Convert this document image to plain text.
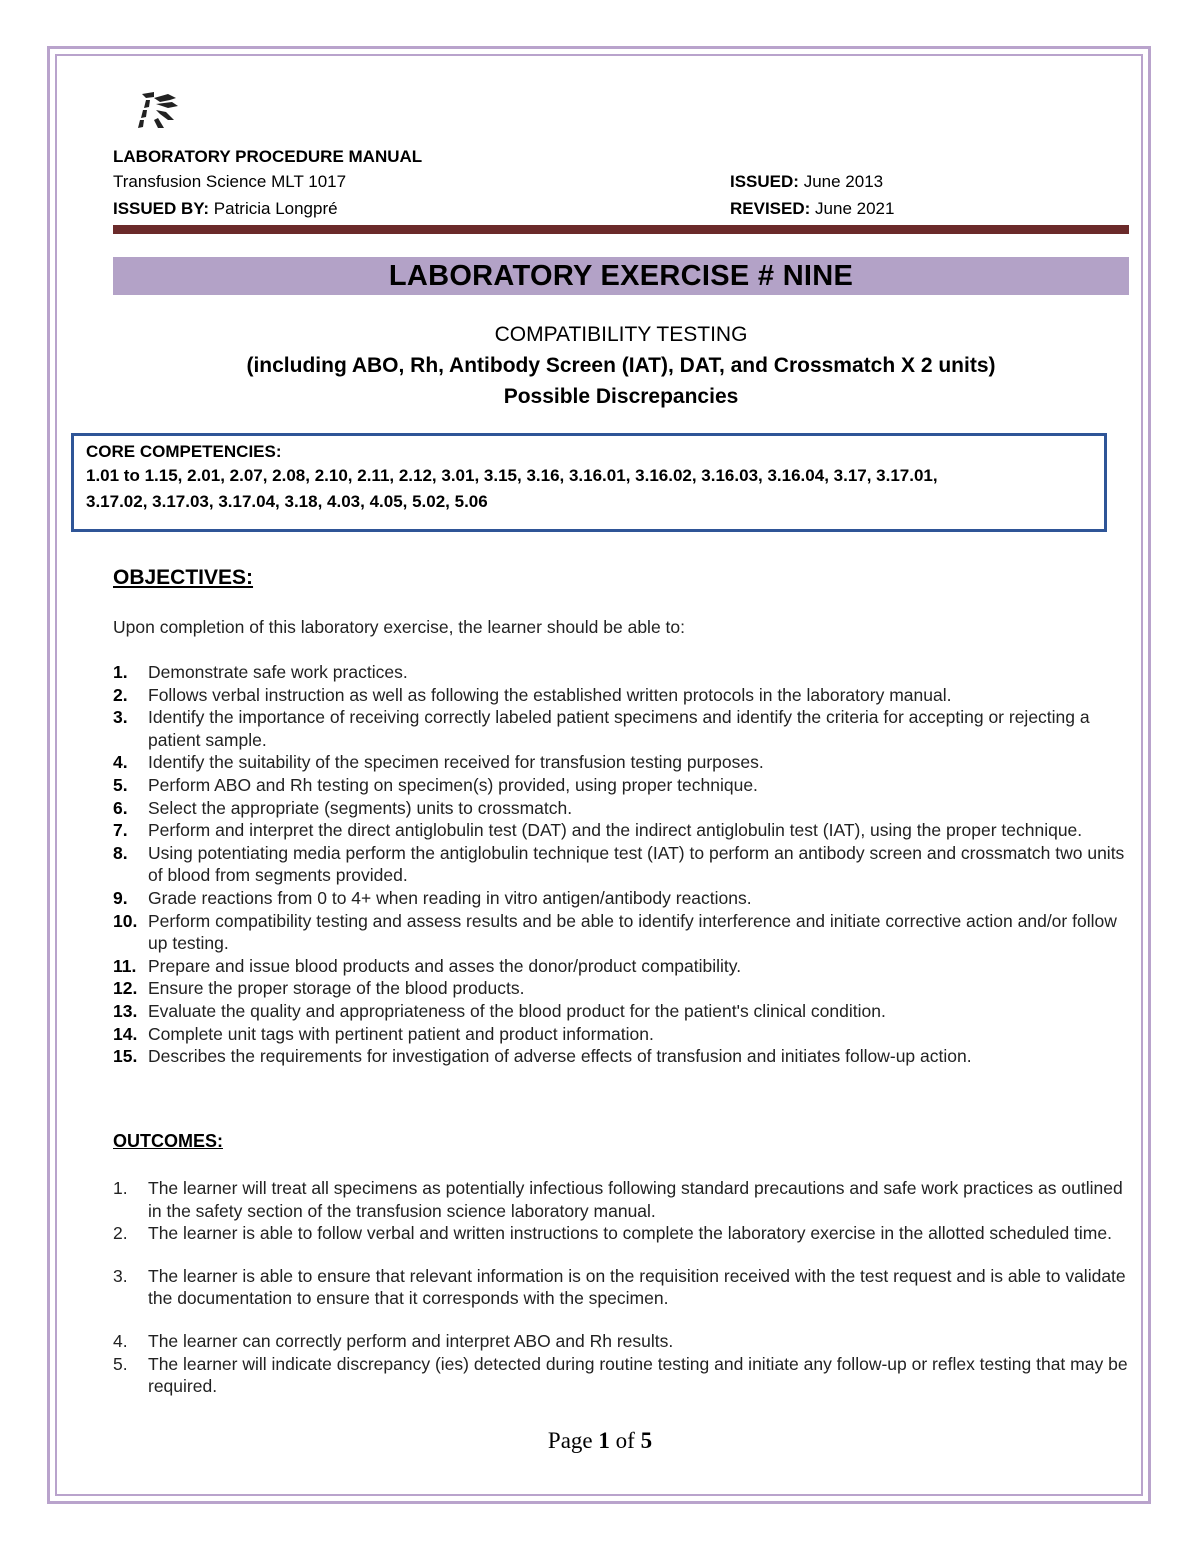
LABORATORY PROCEDURE MANUAL
Transfusion Science MLT 1017
ISSUED BY: Patricia Longpré
ISSUED: June 2013
REVISED: June 2021
LABORATORY EXERCISE # NINE
COMPATIBILITY TESTING
(including ABO, Rh, Antibody Screen (IAT), DAT, and Crossmatch X 2 units)
Possible Discrepancies
CORE COMPETENCIES:
1.01 to 1.15, 2.01, 2.07, 2.08, 2.10, 2.11, 2.12, 3.01, 3.15, 3.16, 3.16.01, 3.16.02, 3.16.03, 3.16.04, 3.17, 3.17.01,
3.17.02, 3.17.03, 3.17.04, 3.18, 4.03, 4.05, 5.02, 5.06
OBJECTIVES:
Upon completion of this laboratory exercise, the learner should be able to:
1. Demonstrate safe work practices.
2. Follows verbal instruction as well as following the established written protocols in the laboratory manual.
3. Identify the importance of receiving correctly labeled patient specimens and identify the criteria for accepting or rejecting a patient sample.
4. Identify the suitability of the specimen received for transfusion testing purposes.
5. Perform ABO and Rh testing on specimen(s) provided, using proper technique.
6. Select the appropriate (segments) units to crossmatch.
7. Perform and interpret the direct antiglobulin test (DAT) and the indirect antiglobulin test (IAT), using the proper technique.
8. Using potentiating media perform the antiglobulin technique test (IAT) to perform an antibody screen and crossmatch two units of blood from segments provided.
9. Grade reactions from 0 to 4+ when reading in vitro antigen/antibody reactions.
10. Perform compatibility testing and assess results and be able to identify interference and initiate corrective action and/or follow up testing.
11. Prepare and issue blood products and asses the donor/product compatibility.
12. Ensure the proper storage of the blood products.
13. Evaluate the quality and appropriateness of the blood product for the patient's clinical condition.
14. Complete unit tags with pertinent patient and product information.
15. Describes the requirements for investigation of adverse effects of transfusion and initiates follow-up action.
OUTCOMES:
1. The learner will treat all specimens as potentially infectious following standard precautions and safe work practices as outlined in the safety section of the transfusion science laboratory manual.
2. The learner is able to follow verbal and written instructions to complete the laboratory exercise in the allotted scheduled time.
3. The learner is able to ensure that relevant information is on the requisition received with the test request and is able to validate the documentation to ensure that it corresponds with the specimen.
4. The learner can correctly perform and interpret ABO and Rh results.
5. The learner will indicate discrepancy (ies) detected during routine testing and initiate any follow-up or reflex testing that may be required.
Page 1 of 5
